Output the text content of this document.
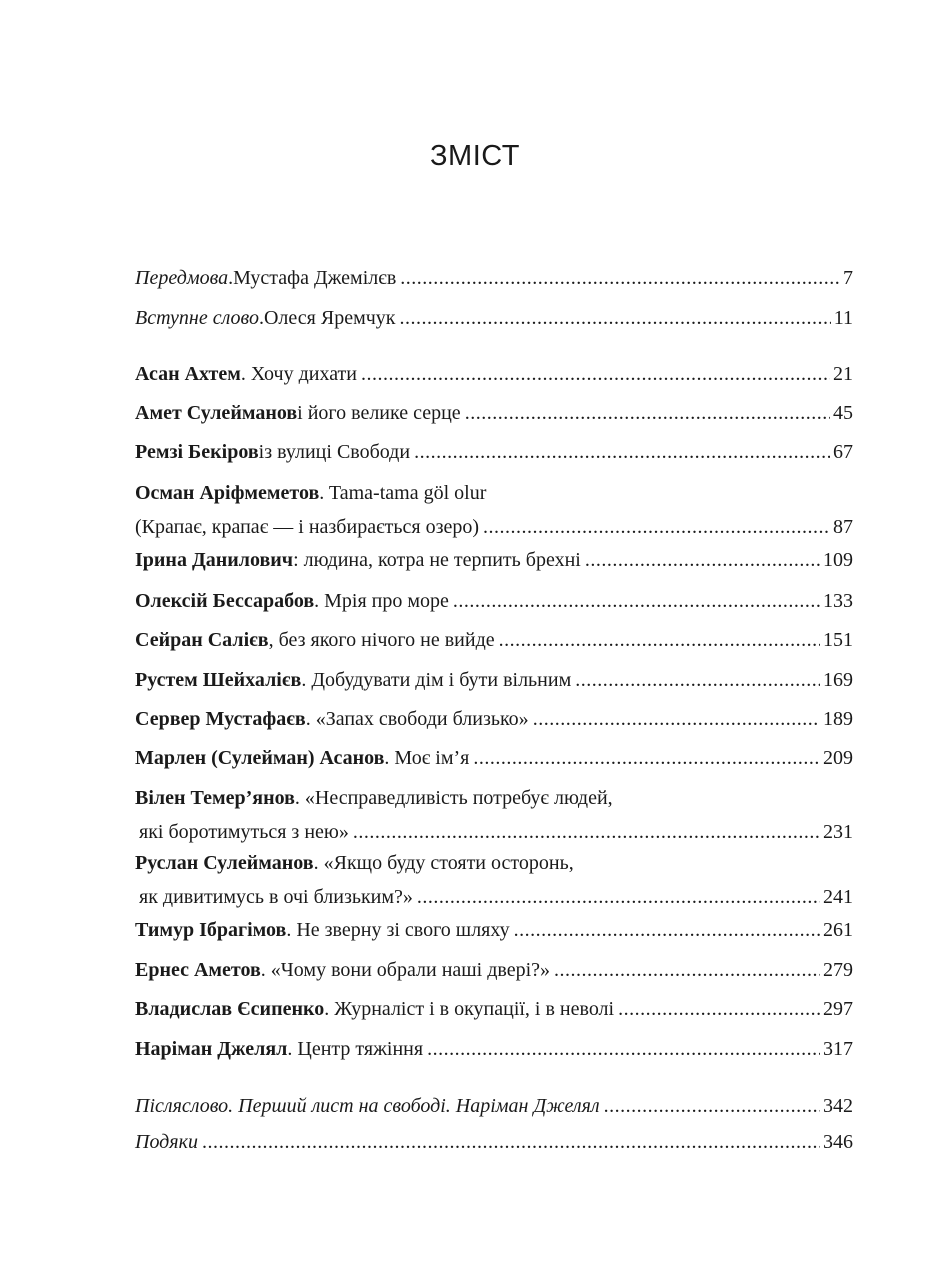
ЗМІСТ
Передмова . Мустафа Джемілєв .....	7
Вступне слово . Олеся Яремчук .....	11
Асан Ахтем . Хочу дихати .....	21
Амет Сулейманов і його велике серце .....	45
Ремзі Бекіров із вулиці Свободи .....	67
Осман Аріфмеметов . Tama-tama göl olur
(Крапає, крапає — і назбирається озеро) .....	87
Ірина Данилович : людина, котра не терпить брехні .....	109
Олексій Бессарабов . Мрія про море .....	133
Сейран Салієв , без якого нічого не вийде .....	151
Рустем Шейхалієв . Добудувати дім і бути вільним .....	169
Сервер Мустафаєв . «Запах свободи близько» .....	189
Марлен (Сулейман) Асанов . Моє ім’я .....	209
Вілен Темер’янов . «Несправедливість потребує людей,
які боротимуться з нею» .....	231
Руслан Сулейманов . «Якщо буду стояти осторонь,
як дивитимусь в очі близьким?» .....	241
Тимур Ібрагімов . Не зверну зі свого шляху .....	261
Ернес Аметов . «Чому вони обрали наші двері?» .....	279
Владислав Єсипенко . Журналіст і в окупації, і в неволі .....	297
Наріман Джелял . Центр тяжіння .....	317
Післяслово. Перший лист на свободі. Наріман Джелял .....	342
Подяки .....	346
